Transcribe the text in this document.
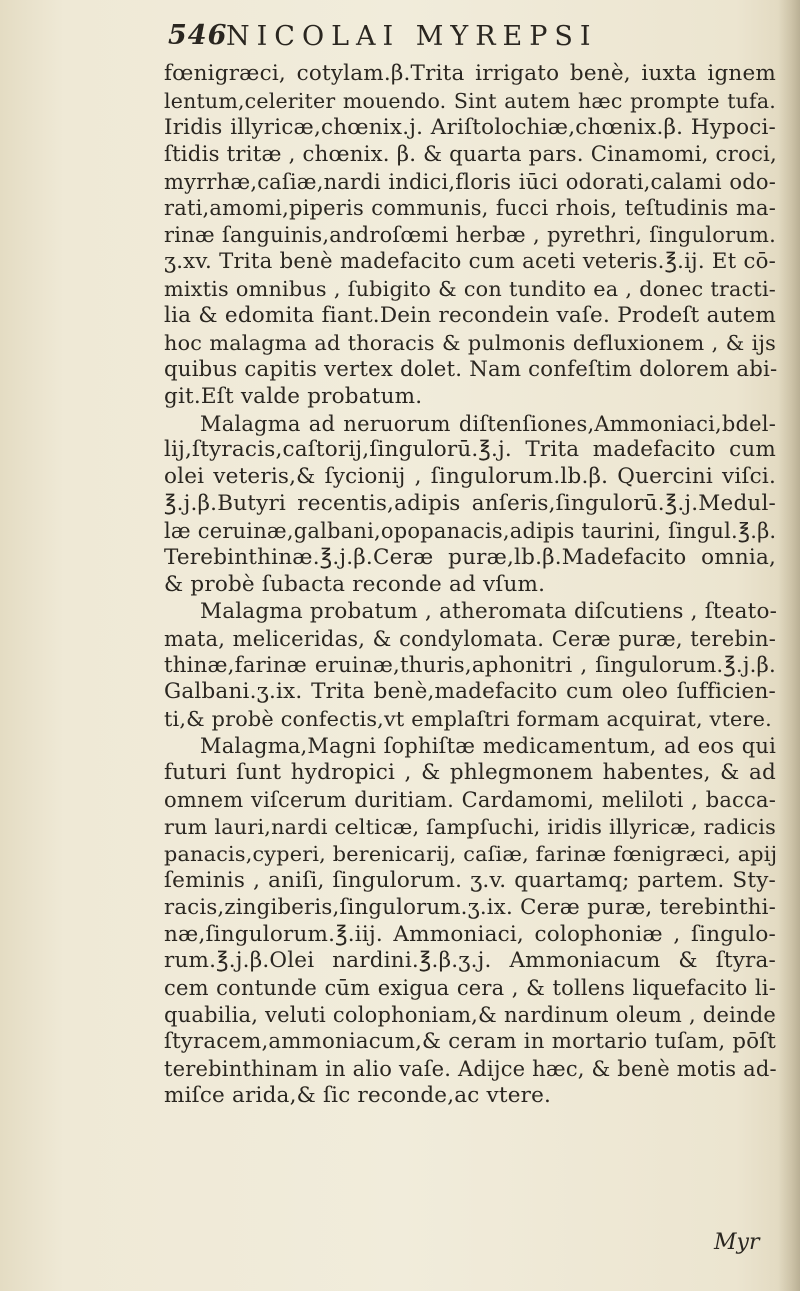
546
NICOLAI MYREPSI
fœnigræci, cotylam.β.Trita irrigato benè, iuxta ignem
lentum,celeriter mouendo. Sint autem hæc prompte tufa.
Iridis illyricæ,chœnix.j. Ariſtolochiæ,chœnix.β. Hypoci-
ſtidis tritæ , chœnix. β. & quarta pars. Cinamomi, croci,
myrrhæ,caſiæ,nardi indici,floris iūci odorati,calami odo-
rati,amomi,piperis communis, fucci rhois, teſtudinis ma-
rinæ ſanguinis,androſœmi herbæ , pyrethri, ſingulorum.
ʒ.xv. Trita benè madefacito cum aceti veteris.℥.ij. Et cō-
mixtis omnibus , ſubigito & con tundito ea , donec tracti-
lia & edomita fiant.Dein recondein vaſe. Prodeſt autem
hoc malagma ad thoracis & pulmonis defluxionem , & ijs
quibus capitis vertex dolet. Nam confeſtim dolorem abi-
git.Eſt valde probatum.
Malagma ad neruorum diſtenſiones,Ammoniaci,bdel-
lij,ſtyracis,caſtorij,ſingulorū.℥.j. Trita madefacito cum
olei veteris,& ſycionij , ſingulorum.lb.β. Quercini viſci.
℥.j.β.Butyri recentis,adipis anſeris,ſingulorū.℥.j.Medul-
læ ceruinæ,galbani,opopanacis,adipis taurini, ſingul.℥.β.
Terebinthinæ.℥.j.β.Ceræ puræ,lb.β.Madefacito omnia,
& probè ſubacta reconde ad vſum.
Malagma probatum , atheromata diſcutiens , ſteato-
mata, meliceridas, & condylomata. Ceræ puræ, terebin-
thinæ,farinæ eruinæ,thuris,aphonitri , ſingulorum.℥.j.β.
Galbani.ʒ.ix. Trita benè,madefacito cum oleo ſufficien-
ti,& probè confectis,vt emplaſtri formam acquirat, vtere.
Malagma,Magni ſophiſtæ medicamentum, ad eos qui
futuri ſunt hydropici , & phlegmonem habentes, & ad
omnem viſcerum duritiam. Cardamomi, meliloti , bacca-
rum lauri,nardi celticæ, ſampſuchi, iridis illyricæ, radicis
panacis,cyperi, berenicarij, caſiæ, farinæ fœnigræci, apij
ſeminis , aniſi, ſingulorum. ʒ.v. quartamq; partem. Sty-
racis,zingiberis,ſingulorum.ʒ.ix. Ceræ puræ, terebinthi-
næ,ſingulorum.℥.iij. Ammoniaci, colophoniæ , ſingulo-
rum.℥.j.β.Olei nardini.℥.β.ʒ.j. Ammoniacum & ſtyra-
cem contunde cūm exigua cera , & tollens liquefacito li-
quabilia, veluti colophoniam,& nardinum oleum , deinde
ſtyracem,ammoniacum,& ceram in mortario tuſam, pōſt
terebinthinam in alio vaſe. Adijce hæc, & benè motis ad-
miſce arida,& ſic reconde,ac vtere.
Myr
